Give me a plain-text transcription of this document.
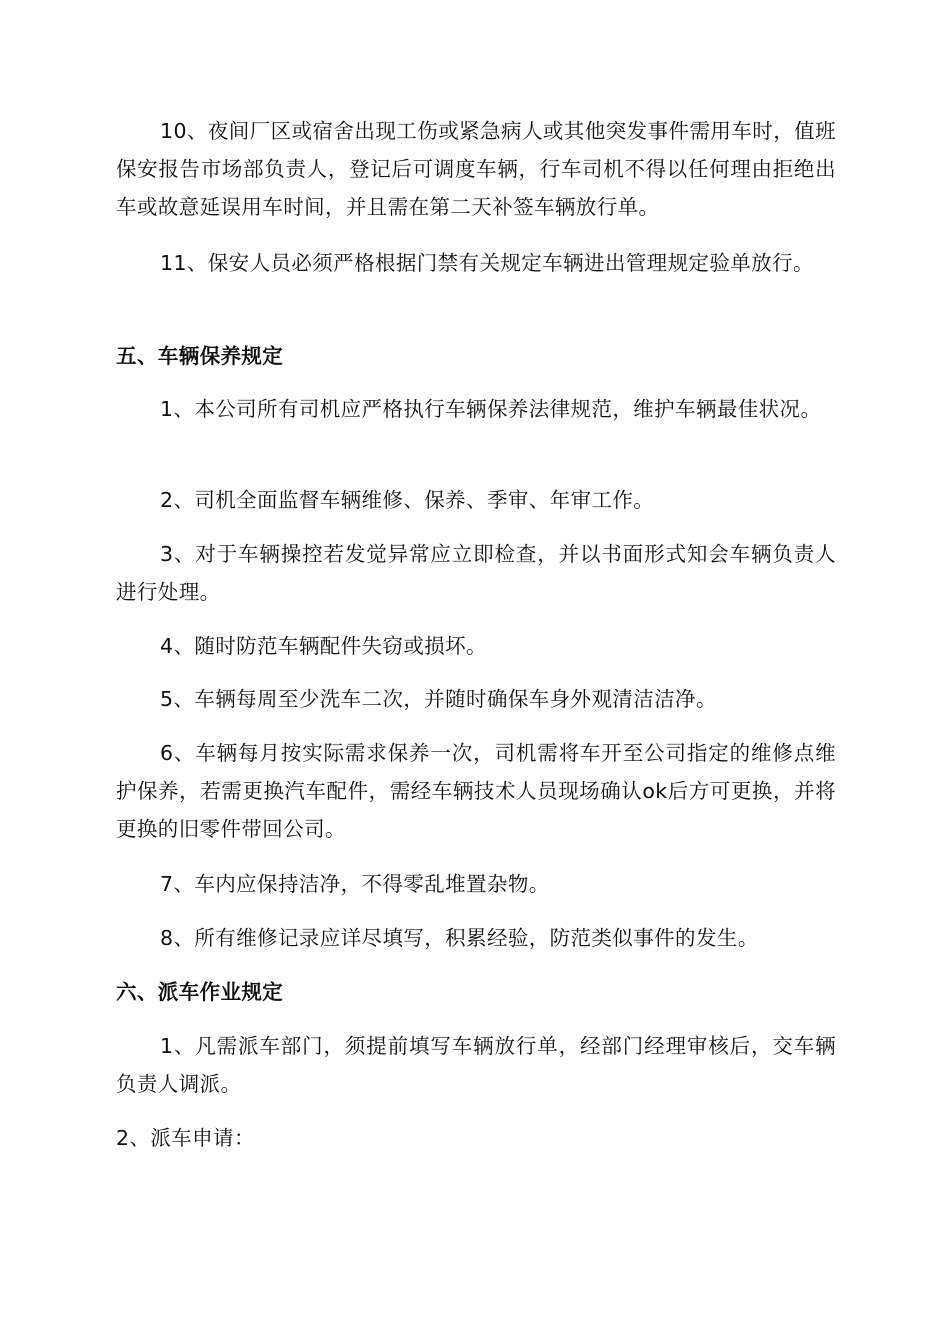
10、夜间厂区或宿舍出现工伤或紧急病人或其他突发事件需用车时，值班保安报告市场部负责人，登记后可调度车辆，行车司机不得以任何理由拒绝出车或故意延误用车时间，并且需在第二天补签车辆放行单。

11、保安人员必须严格根据门禁有关规定车辆进出管理规定验单放行。

五、车辆保养规定

1、本公司所有司机应严格执行车辆保养法律规范，维护车辆最佳状况。

2、司机全面监督车辆维修、保养、季审、年审工作。

3、对于车辆操控若发觉异常应立即检查，并以书面形式知会车辆负责人进行处理。

4、随时防范车辆配件失窃或损坏。

5、车辆每周至少洗车二次，并随时确保车身外观清洁洁净。

6、车辆每月按实际需求保养一次，司机需将车开至公司指定的维修点维护保养，若需更换汽车配件，需经车辆技术人员现场确认ok后方可更换，并将更换的旧零件带回公司。

7、车内应保持洁净，不得零乱堆置杂物。

8、所有维修记录应详尽填写，积累经验，防范类似事件的发生。

六、派车作业规定

1、凡需派车部门，须提前填写车辆放行单，经部门经理审核后，交车辆负责人调派。

2、派车申请：
